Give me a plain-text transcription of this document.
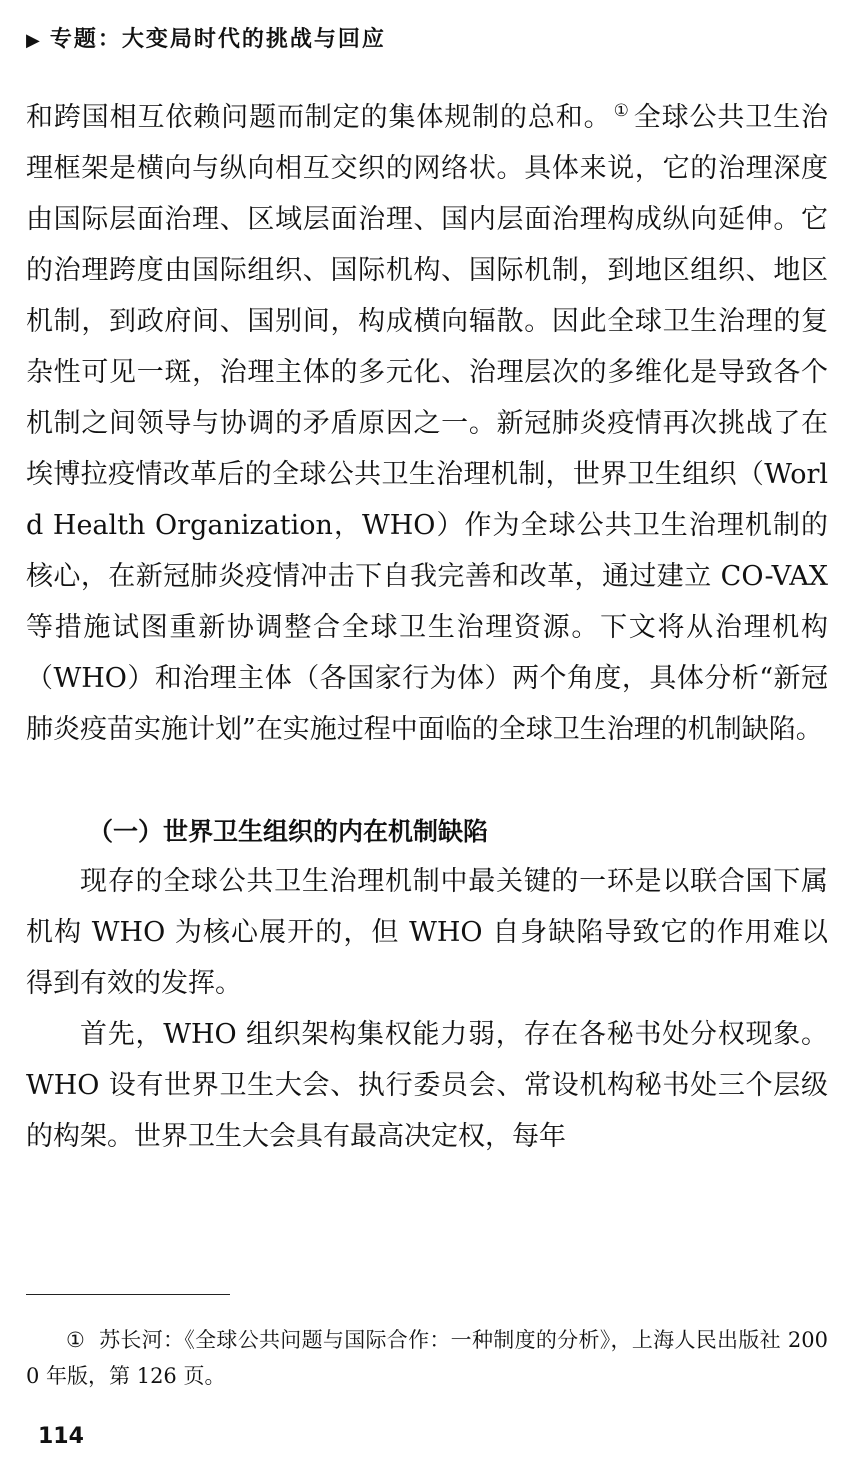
▶ 专题：大变局时代的挑战与回应

和跨国相互依赖问题而制定的集体规制的总和。 ① 全球公共卫生治理框架是横向与纵向相互交织的网络状。具体来说，它的治理深度由国际层面治理、区域层面治理、国内层面治理构成纵向延伸。它的治理跨度由国际组织、国际机构、国际机制，到地区组织、地区机制，到政府间、国别间，构成横向辐散。因此全球卫生治理的复杂性可见一斑，治理主体的多元化、治理层次的多维化是导致各个机制之间领导与协调的矛盾原因之一。新冠肺炎疫情再次挑战了在埃博拉疫情改革后的全球公共卫生治理机制，世界卫生组织（World Health Organization，WHO）作为全球公共卫生治理机制的核心，在新冠肺炎疫情冲击下自我完善和改革，通过建立 CO-VAX 等措施试图重新协调整合全球卫生治理资源。下文将从治理机构（WHO）和治理主体（各国家行为体）两个角度，具体分析“新冠肺炎疫苗实施计划”在实施过程中面临的全球卫生治理的机制缺陷。

（一）世界卫生组织的内在机制缺陷

现存的全球公共卫生治理机制中最关键的一环是以联合国下属机构 WHO 为核心展开的，但 WHO 自身缺陷导致它的作用难以得到有效的发挥。

首先，WHO 组织架构集权能力弱，存在各秘书处分权现象。WHO 设有世界卫生大会、执行委员会、常设机构秘书处三个层级的构架。世界卫生大会具有最高决定权，每年

① 苏长河：《全球公共问题与国际合作：一种制度的分析》，上海人民出版社 2000 年版，第 126 页。

114
